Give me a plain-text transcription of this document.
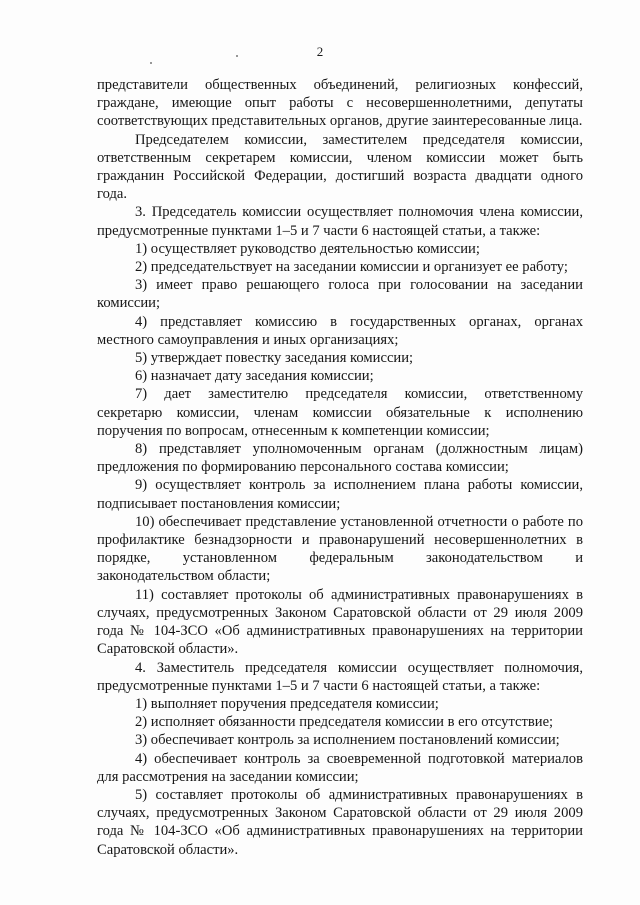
2

представители общественных объединений, религиозных конфессий, граждане, имеющие опыт работы с несовершеннолетними, депутаты соответствующих представительных органов, другие заинтересованные лица.

Председателем комиссии, заместителем председателя комиссии, ответственным секретарем комиссии, членом комиссии может быть гражданин Российской Федерации, достигший возраста двадцати одного года.

3. Председатель комиссии осуществляет полномочия члена комиссии, предусмотренные пунктами 1–5 и 7 части 6 настоящей статьи, а также:

1) осуществляет руководство деятельностью комиссии;

2) председательствует на заседании комиссии и организует ее работу;

3) имеет право решающего голоса при голосовании на заседании комиссии;

4) представляет комиссию в государственных органах, органах местного самоуправления и иных организациях;

5) утверждает повестку заседания комиссии;

6) назначает дату заседания комиссии;

7) дает заместителю председателя комиссии, ответственному секретарю комиссии, членам комиссии обязательные к исполнению поручения по вопросам, отнесенным к компетенции комиссии;

8) представляет уполномоченным органам (должностным лицам) предложения по формированию персонального состава комиссии;

9) осуществляет контроль за исполнением плана работы комиссии, подписывает постановления комиссии;

10) обеспечивает представление установленной отчетности о работе по профилактике безнадзорности и правонарушений несовершеннолетних в порядке, установленном федеральным законодательством и законодательством области;

11) составляет протоколы об административных правонарушениях в случаях, предусмотренных Законом Саратовской области от 29 июля 2009 года № 104-ЗСО «Об административных правонарушениях на территории Саратовской области».

4. Заместитель председателя комиссии осуществляет полномочия, предусмотренные пунктами 1–5 и 7 части 6 настоящей статьи, а также:

1) выполняет поручения председателя комиссии;

2) исполняет обязанности председателя комиссии в его отсутствие;

3) обеспечивает контроль за исполнением постановлений комиссии;

4) обеспечивает контроль за своевременной подготовкой материалов для рассмотрения на заседании комиссии;

5) составляет протоколы об административных правонарушениях в случаях, предусмотренных Законом Саратовской области от 29 июля 2009 года № 104-ЗСО «Об административных правонарушениях на территории Саратовской области».
